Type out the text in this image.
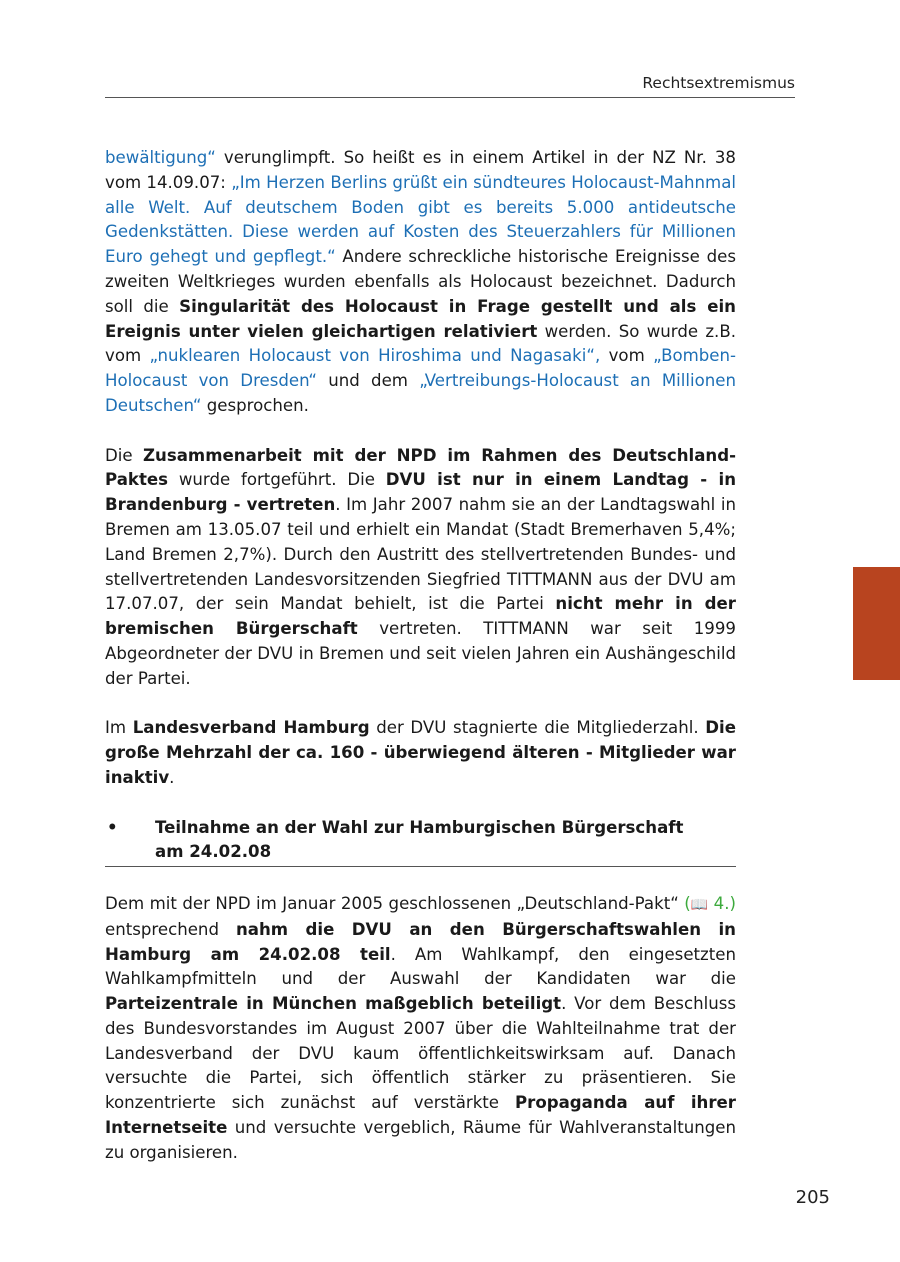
Rechtsextremismus

bewältigung“ verunglimpft. So heißt es in einem Artikel in der NZ Nr. 38 vom 14.09.07: „Im Herzen Berlins grüßt ein sündteures Holocaust-Mahnmal alle Welt. Auf deutschem Boden gibt es bereits 5.000 antideutsche Gedenkstätten. Diese werden auf Kosten des Steuerzahlers für Millionen Euro gehegt und gepflegt.“ Andere schreckliche historische Ereignisse des zweiten Weltkrieges wurden ebenfalls als Holocaust bezeichnet. Dadurch soll die Singularität des Holocaust in Frage gestellt und als ein Ereignis unter vielen gleichartigen relativiert werden. So wurde z.B. vom „nuklearen Holocaust von Hiroshima und Nagasaki“, vom „Bomben-Holocaust von Dresden“ und dem „Vertreibungs-Holocaust an Millionen Deutschen“ gesprochen.

Die Zusammenarbeit mit der NPD im Rahmen des Deutschland-Paktes wurde fortgeführt. Die DVU ist nur in einem Landtag - in Brandenburg - vertreten. Im Jahr 2007 nahm sie an der Landtagswahl in Bremen am 13.05.07 teil und erhielt ein Mandat (Stadt Bremerhaven 5,4%; Land Bremen 2,7%). Durch den Austritt des stellvertretenden Bundes- und stellvertretenden Landesvorsitzenden Siegfried TITTMANN aus der DVU am 17.07.07, der sein Mandat behielt, ist die Partei nicht mehr in der bremischen Bürgerschaft vertreten. TITTMANN war seit 1999 Abgeordneter der DVU in Bremen und seit vielen Jahren ein Aushängeschild der Partei.

Im Landesverband Hamburg der DVU stagnierte die Mitgliederzahl. Die große Mehrzahl der ca. 160 - überwiegend älteren - Mitglieder war inaktiv.

•	Teilnahme an der Wahl zur Hamburgischen Bürgerschaft
am 24.02.08

Dem mit der NPD im Januar 2005 geschlossenen „Deutschland-Pakt“ (📖 4.) entsprechend nahm die DVU an den Bürgerschaftswahlen in Hamburg am 24.02.08 teil. Am Wahlkampf, den eingesetzten Wahlkampfmitteln und der Auswahl der Kandidaten war die Parteizentrale in München maßgeblich beteiligt. Vor dem Beschluss des Bundesvorstandes im August 2007 über die Wahlteilnahme trat der Landesverband der DVU kaum öffentlichkeitswirksam auf. Danach versuchte die Partei, sich öffentlich stärker zu präsentieren. Sie konzentrierte sich zunächst auf verstärkte Propaganda auf ihrer Internetseite und versuchte vergeblich, Räume für Wahlveranstaltungen zu organisieren.

205
